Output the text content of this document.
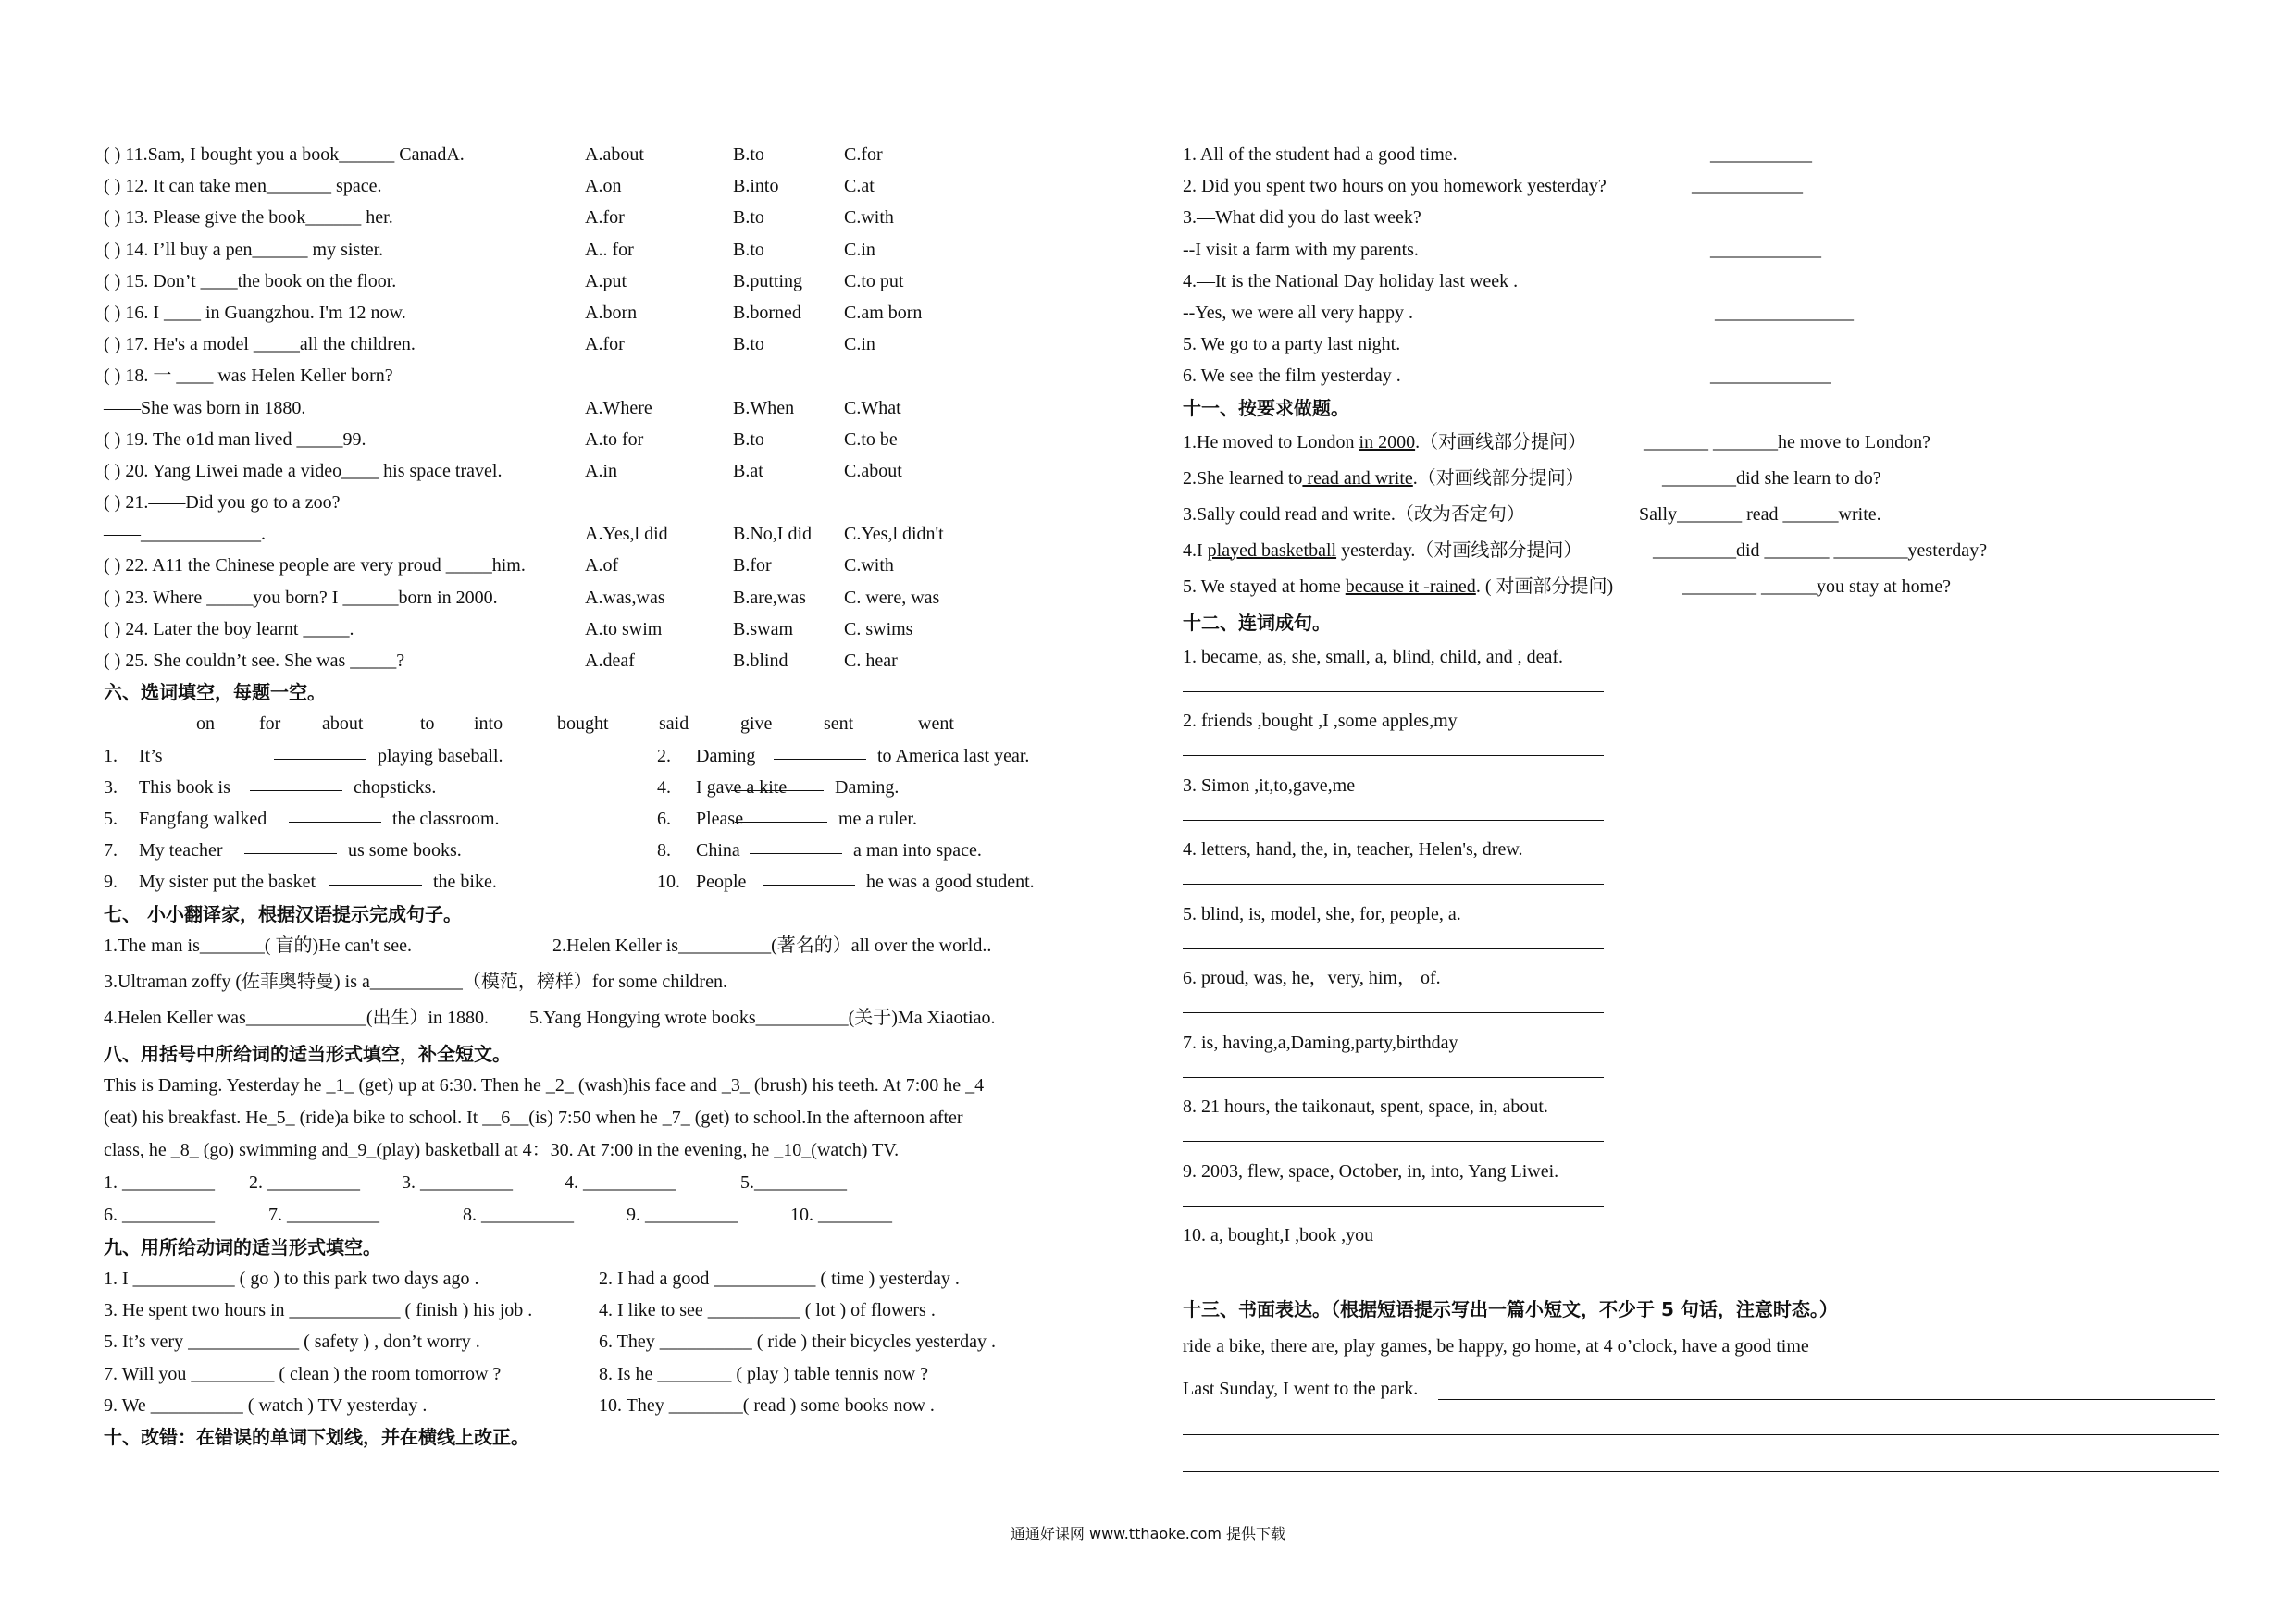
( ) 11.Sam, I bought you a book______ CanadA.	A.about	B.to	C.for
( ) 12. It can take men_______ space.	A.on	B.into	C.at
( ) 13. Please give the book______ her.	A.for	B.to	C.with
( ) 14. I’ll buy a pen______ my sister.	A.. for	B.to	C.in
( ) 15. Don’t ____the book on the floor.	A.put	B.putting C.to put
( ) 16. I ____ in Guangzhou. I'm 12 now.	A.born	B.borned C.am born
( ) 17. He's a model _____all the children.	A.for	B.to	C.in
( ) 18. 一 ____ was Helen Keller born?
——She was born in 1880.	A.Where	B.When	C.What
( ) 19. The o1d man lived _____99.	A.to for	B.to	C.to be
( ) 20. Yang Liwei made a video____ his space travel.	A.in	B.at	C.about
( ) 21.——Did you go to a zoo?
——_____________.	A.Yes,l did	B.No,I did C.Yes,l didn't
( ) 22. A11 the Chinese people are very proud _____him.	A.of	B.for	C.with
( ) 23. Where _____you born? I ______born in 2000.	A.was,was	B.are,was C. were, was
( ) 24. Later the boy learnt _____.	A.to swim	B.swam	C. swims
( ) 25. She couldn’t see. She was _____?	A.deaf	B.blind	C. hear
六、选词填空，每题一空。
on for about	to into	bought	said	give	sent	went
1. It’s	playing baseball.	2. Daming	to America last year.
3. This book is	chopsticks.	4. I gave a kite	Daming.
5. Fangfang walked	the classroom.	6. Please	me a ruler.
7. My teacher	us some books.	8. China	a man into space.
9. My sister put the basket	the bike.	10. People	he was a good student.
七、 小小翻译家，根据汉语提示完成句子。
1.The man is_______( 盲的)He can't see.	2.Helen Keller is__________(著名的）all over the world..
3.Ultraman zoffy (佐菲奥特曼) is a__________（模范，榜样）for some children.
4.Helen Keller was_____________(出生）in 1880. 5.Yang Hongying wrote books__________(关于)Ma Xiaotiao.
八、用括号中所给词的适当形式填空，补全短文。
This is Daming. Yesterday he _1_ (get) up at 6:30. Then he _2_ (wash)his face and _3_ (brush) his teeth. At 7:00 he _4
(eat) his breakfast. He_5_ (ride)a bike to school. It __6__(is) 7:50 when he _7_ (get) to school.In the afternoon after
class, he _8_ (go) swimming and_9_(play) basketball at 4：30. At 7:00 in the evening, he _10_(watch) TV.
1. __________ 2. __________ 3. __________	4. __________	5.__________
6. __________	7. __________	8. __________	9. __________	10. ________
九、用所给动词的适当形式填空。
1. I ___________ ( go ) to this park two days ago .	2. I had a good ___________ ( time ) yesterday .
3. He spent two hours in ____________ ( finish ) his job .	4. I like to see __________ ( lot ) of flowers .
5. It’s very ____________ ( safety ) , don’t worry .	6. They __________ ( ride ) their bicycles yesterday .
7. Will you _________ ( clean ) the room tomorrow ?	8. Is he ________ ( play ) table tennis now ?
9. We __________ ( watch ) TV yesterday .	10. They ________( read ) some books now .
十、改错：在错误的单词下划线，并在横线上改正。
1. All of the student had a good time.	___________
2. Did you spent two hours on you homework yesterday?	____________
3.—What did you do last week?
--I visit a farm with my parents.	____________
4.—It is the National Day holiday last week .
--Yes, we were all very happy .	_______________
5. We go to a party last night.
6. We see the film yesterday .	_____________
十一、按要求做题。
1.He moved to London in 2000.（对画线部分提问）	_______ _______he move to London?
2.She learned to read and write.（对画线部分提问）	________did she learn to do?
3.Sally could read and write.（改为否定句）	Sally_______ read ______write.
4.I played basketball yesterday.（对画线部分提问）	_________did _______ ________yesterday?
5. We stayed at home because it -rained. ( 对画部分提问)	________ ______you stay at home?
十二、连词成句。
1. became, as, she, small, a, blind, child, and , deaf.
2. friends ,bought ,I ,some apples,my
3. Simon ,it,to,gave,me
4. letters, hand, the, in, teacher, Helen's, drew.
5. blind, is, model, she, for, people, a.
6. proud, was, he，very, him， of.
7. is, having,a,Daming,party,birthday
8. 21 hours, the taikonaut, spent, space, in, about.
9. 2003, flew, space, October, in, into, Yang Liwei.
10. a, bought,I ,book ,you
十三、书面表达。（根据短语提示写出一篇小短文，不少于 5 句话，注意时态。）
ride a bike, there are, play games, be happy, go home, at 4 o’clock, have a good time
Last Sunday, I went to the park.
通通好课网 www.tthaoke.com 提供下载
